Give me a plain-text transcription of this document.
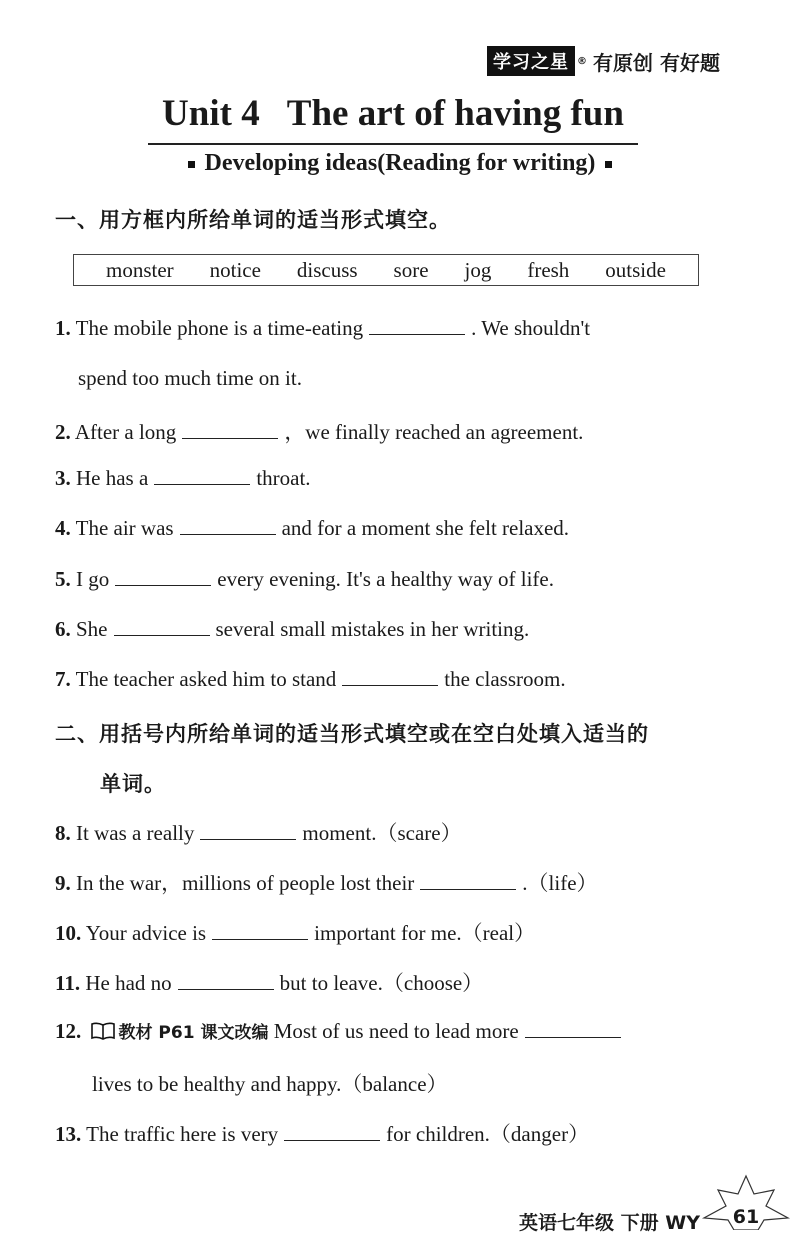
学习之星 ® 有原创 有好题
Unit 4   The art of having fun
Developing ideas(Reading for writing)
一、用方框内所给单词的适当形式填空。
monster notice discuss sore jog fresh outside
1. The mobile phone is a time-eating	. We shouldn't
spend too much time on it.
2. After a long	，we finally reached an agreement.
3. He has a	throat.
4. The air was	and for a moment she felt relaxed.
5. I go	every evening. It's a healthy way of life.
6. She	several small mistakes in her writing.
7. The teacher asked him to stand	the classroom.
二、用括号内所给单词的适当形式填空或在空白处填入适当的
单词。
8. It was a really	moment.（scare）
9. In the war，millions of people lost their	.（life）
10. Your advice is	important for me.（real）
11. He had no	but to leave.（choose）
12. 教材 P61 课文改编 Most of us need to lead more
lives to be healthy and happy.（balance）
13. The traffic here is very	for children.（danger）
英语七年级 下册 WY 61
